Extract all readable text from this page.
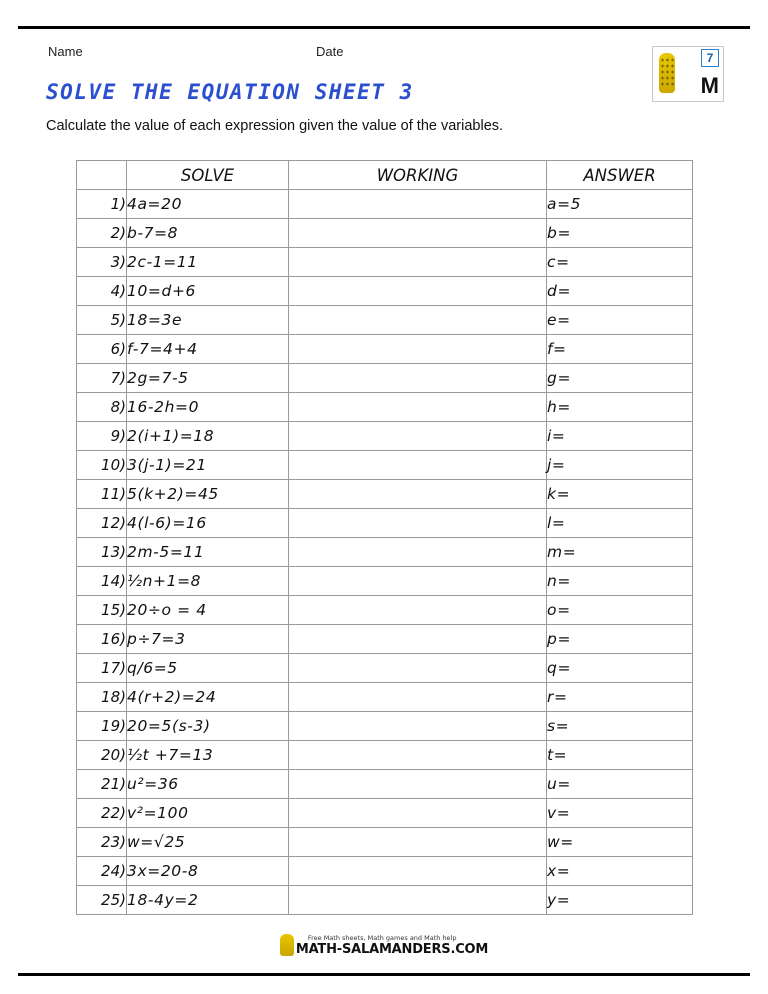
Name	Date
M
7
SOLVE THE EQUATION SHEET 3
Calculate the value of each expression given the value of the variables.
	SOLVE	WORKING	ANSWER
1)	4a=20		a=5
2)	b-7=8		b=
3)	2c-1=11		c=
4)	10=d+6		d=
5)	18=3e		e=
6)	f-7=4+4		f=
7)	2g=7-5		g=
8)	16-2h=0		h=
9)	2(i+1)=18		i=
10)	3(j-1)=21		j=
11)	5(k+2)=45		k=
12)	4(l-6)=16		l=
13)	2m-5=11		m=
14)	½n+1=8		n=
15)	20÷o = 4		o=
16)	p÷7=3		p=
17)	q/6=5		q=
18)	4(r+2)=24		r=
19)	20=5(s-3)		s=
20)	½t +7=13		t=
21)	u²=36		u=
22)	v²=100		v=
23)	w=√25		w=
24)	3x=20-8		x=
25)	18-4y=2		y=
Free Math sheets, Math games and Math help
MATH-SALAMANDERS.COM
